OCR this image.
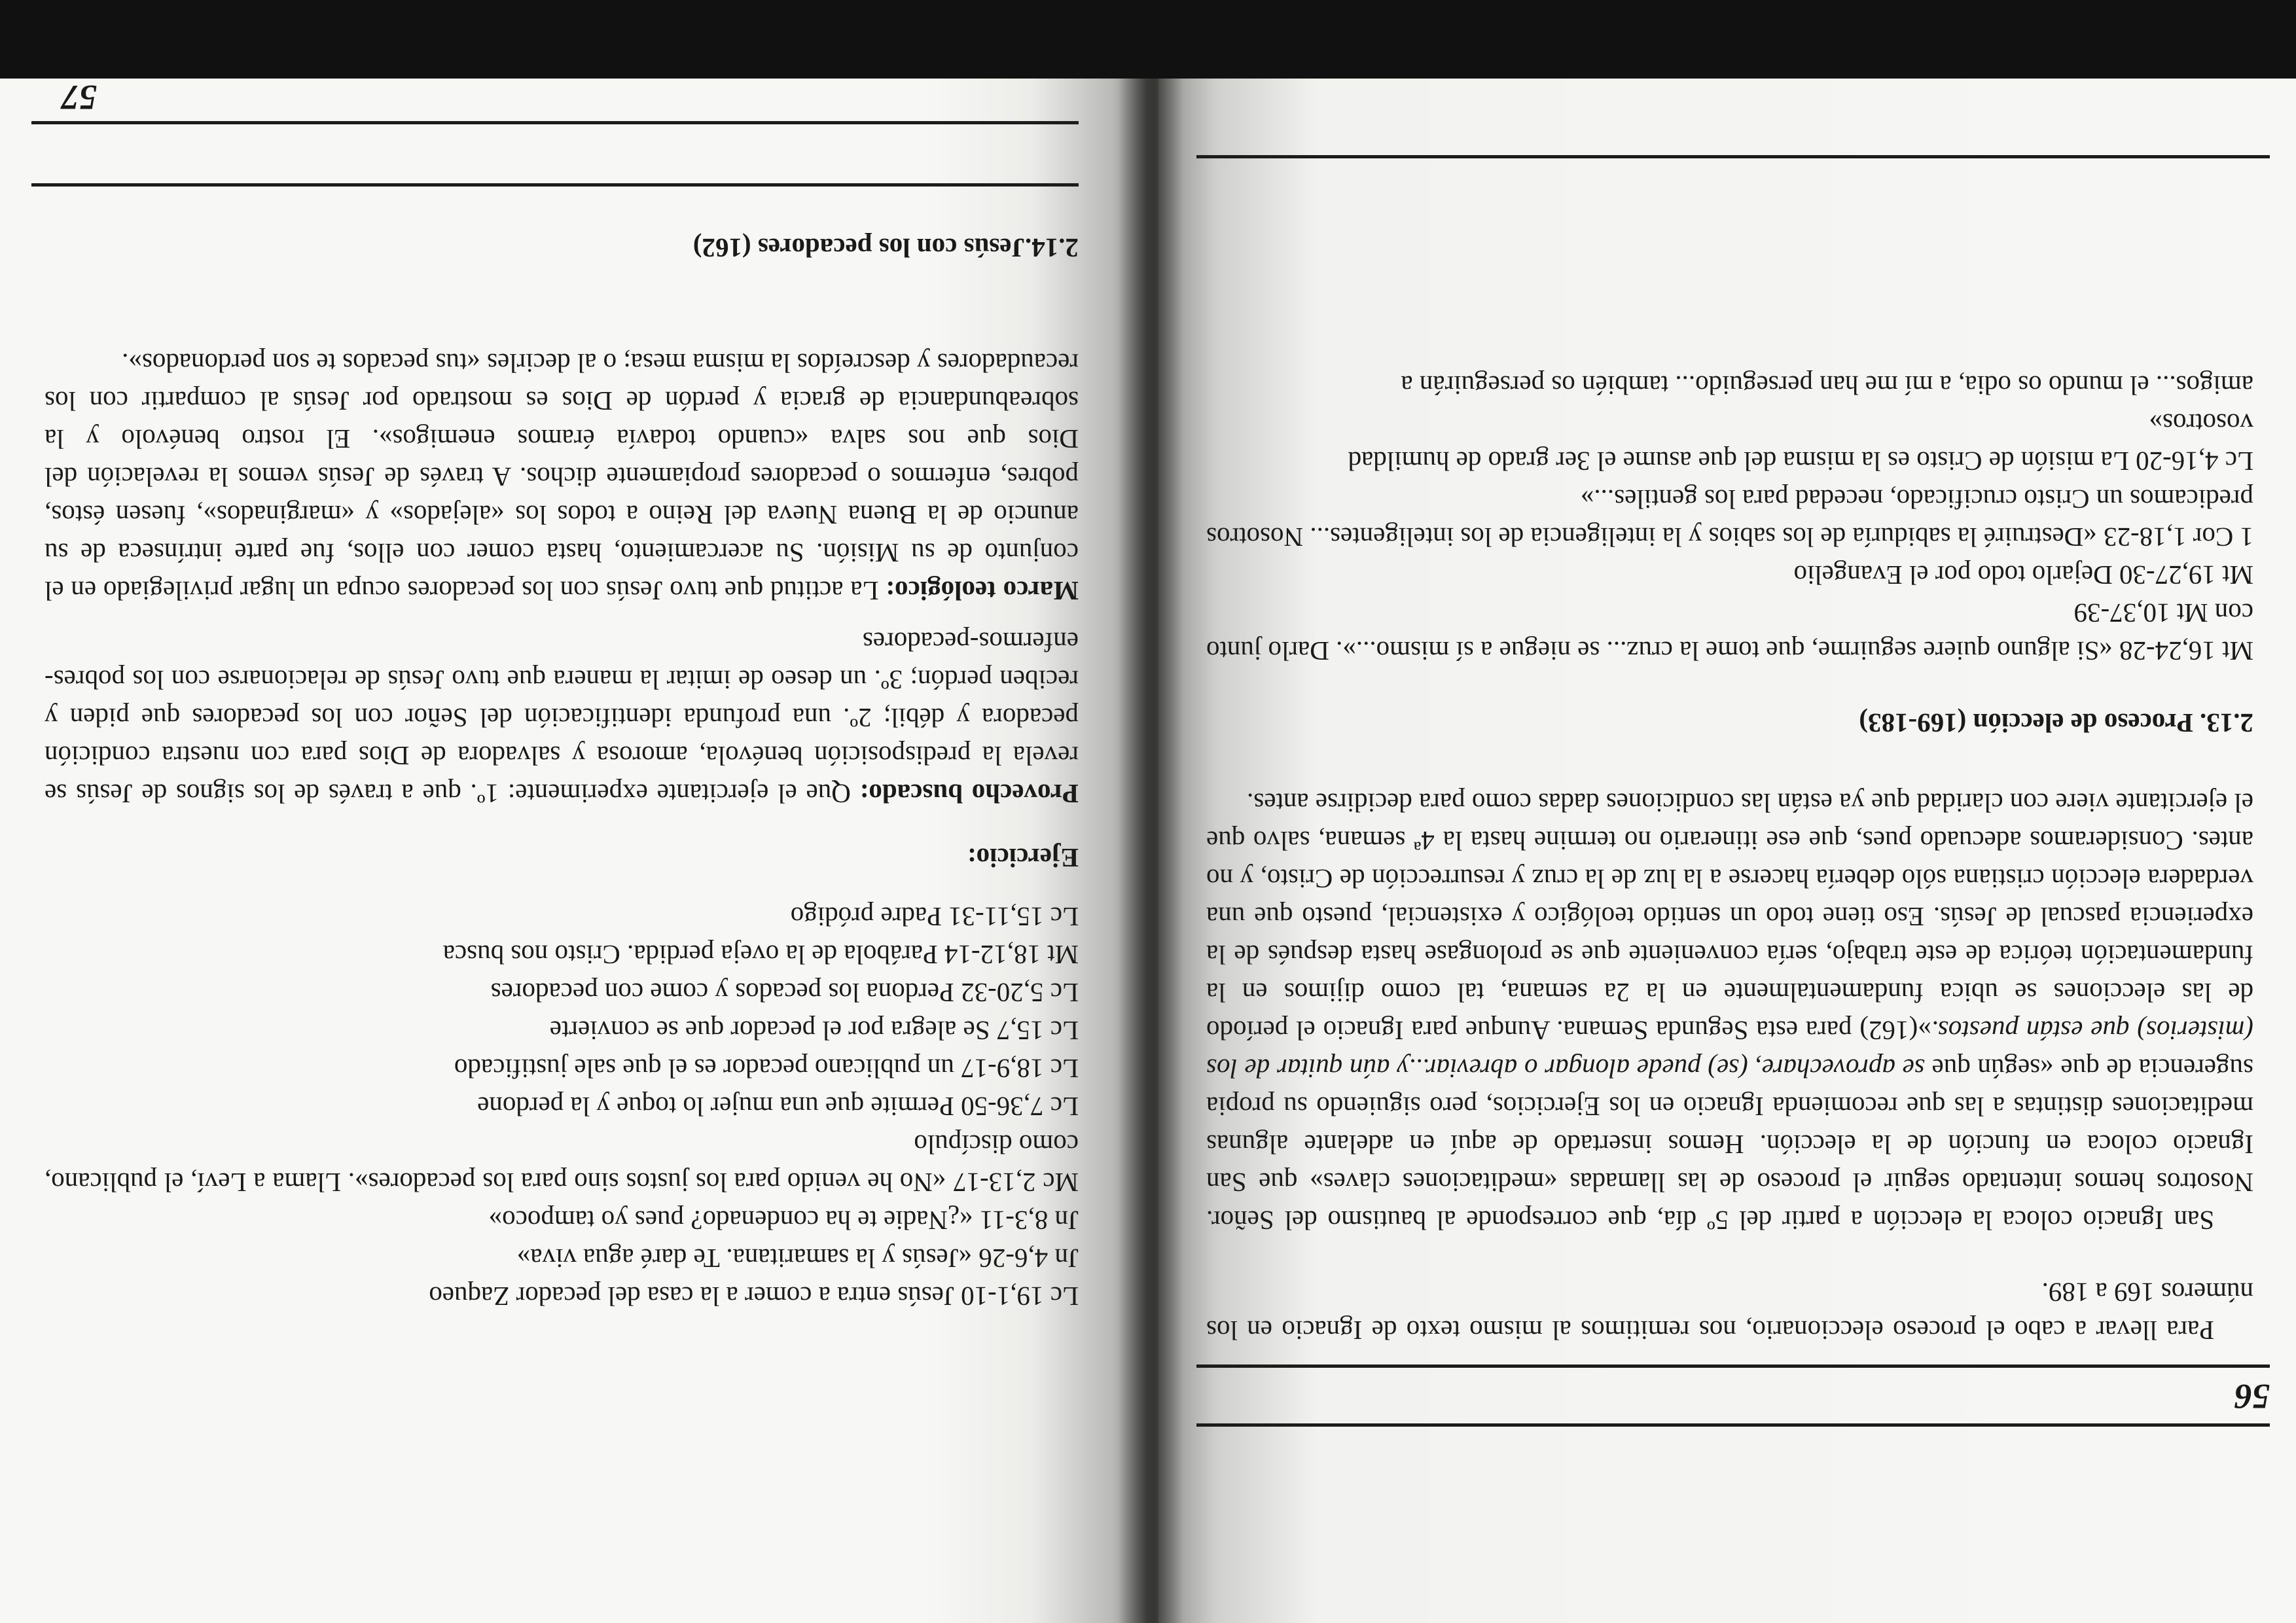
56

Para llevar a cabo el proceso eleccionario, nos remitimos al mismo texto de Ignacio en los números 169 a 189.

San Ignacio coloca la elección a partir del 5º día, que corresponde al bautismo del Señor. Nosotros hemos intentado seguir el proceso de las llamadas «meditaciones claves» que San Ignacio coloca en función de la elección. Hemos insertado de aquí en adelante algunas meditaciones distintas a las que recomienda Ignacio en los Ejercicios, pero siguiendo su propia sugerencia de que «según que se aprovechare, (se) puede alongar o abreviar...y aún quitar de los (misterios) que están puestos.»(162) para esta Segunda Semana. Aunque para Ignacio el período de las elecciones se ubica fundamentalmente en la 2a semana, tal como dijimos en la fundamentación teórica de este trabajo, sería conveniente que se prolongase hasta después de la experiencia pascual de Jesús. Eso tiene todo un sentido teológico y existencial, puesto que una verdadera elección cristiana sólo debería hacerse a la luz de la cruz y resurrección de Cristo, y no antes. Consideramos adecuado pues, que ese itinerario no termine hasta la 4ª semana, salvo que el ejercitante viere con claridad que ya están las condiciones dadas como para decidirse antes.

2.13. Proceso de elección (169-183)

Mt 16,24-28 «Si alguno quiere seguirme, que tome la cruz... se niegue a sí mismo...». Darlo junto con Mt 10,37-39

Mt 19,27-30 Dejarlo todo por el Evangelio

1 Cor 1,18-23 «Destruiré la sabiduría de los sabios y la inteligencia de los inteligentes... Nosotros predicamos un Cristo crucificado, necedad para los gentiles...»

Lc 4,16-20 La misión de Cristo es la misma del que asume el 3er grado de humildad

vosotros»

amigos... el mundo os odia, a mí me han perseguido... también os perseguirán a

57

2.14.Jesús con los pecadores (162)

Lc 19,1-10 Jesús entra a comer a la casa del pecador Zaqueo

Jn 4,6-26 «Jesús y la samaritana. Te daré agua viva»

Jn 8,3-11 «¿Nadie te ha condenado? pues yo tampoco»

Mc 2,13-17 «No he venido para los justos sino para los pecadores». Llama a Leví, el publicano, como discípulo

Lc 7,36-50 Permite que una mujer lo toque y la perdone

Lc 18,9-17 un publicano pecador es el que sale justificado

Lc 15,7 Se alegra por el pecador que se convierte

Lc 5,20-32 Perdona los pecados y come con pecadores

Mt 18,12-14 Parábola de la oveja perdida. Cristo nos busca

Lc 15,11-31 Padre pródigo

Ejercicio:

Provecho buscado: Que el ejercitante experimente: 1º. que a través de los signos de Jesús se revela la predisposición benévola, amorosa y salvadora de Dios para con nuestra condición pecadora y débil; 2º. una profunda identificación del Señor con los pecadores que piden y reciben perdón; 3º. un deseo de imitar la manera que tuvo Jesús de relacionarse con los pobres-enfermos-pecadores

Marco teológico: La actitud que tuvo Jesús con los pecadores ocupa un lugar privilegiado en el conjunto de su Misión. Su acercamiento, hasta comer con ellos, fue parte intrínseca de su anuncio de la Buena Nueva del Reino a todos los «alejados» y «marginados», fuesen éstos, pobres, enfermos o pecadores propiamente dichos. A través de Jesús vemos la revelación del Dios que nos salva «cuando todavía éramos enemigos». El rostro benévolo y la sobreabundancia de gracia y perdón de Dios es mostrado por Jesús al compartir con los recaudadores y descreídos la misma mesa; o al decirles «tus pecados te son perdonados».
